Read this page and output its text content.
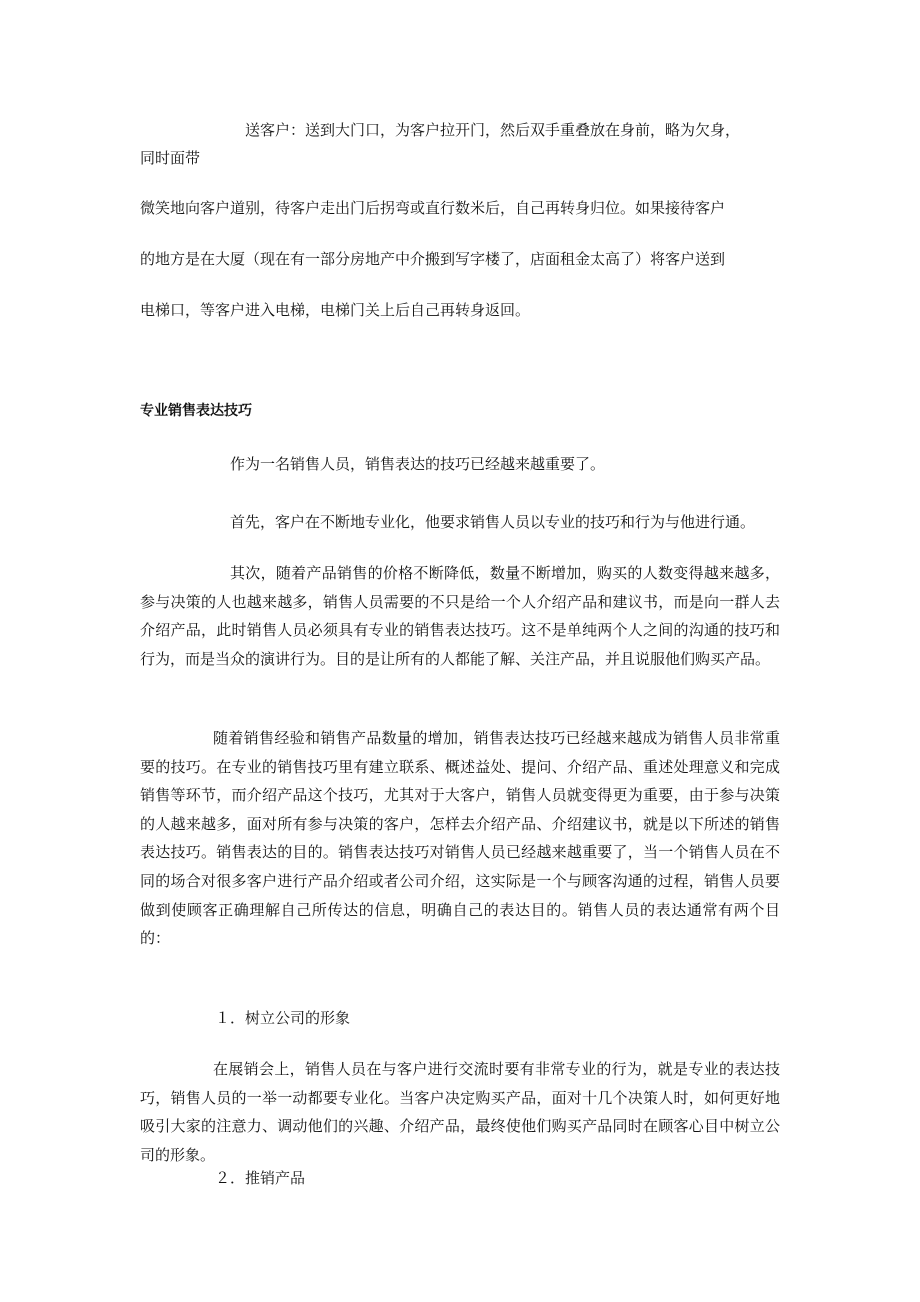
送客户：送到大门口，为客户拉开门，然后双手重叠放在身前，略为欠身，

同时面带

微笑地向客户道别，待客户走出门后拐弯或直行数米后，自己再转身归位。如果接待客户

的地方是在大厦（现在有一部分房地产中介搬到写字楼了，店面租金太高了）将客户送到

电梯口，等客户进入电梯，电梯门关上后自己再转身返回。

专业销售表达技巧

作为一名销售人员，销售表达的技巧已经越来越重要了。

首先，客户在不断地专业化，他要求销售人员以专业的技巧和行为与他进行通。

其次，随着产品销售的价格不断降低，数量不断增加，购买的人数变得越来越多，参与决策的人也越来越多，销售人员需要的不只是给一个人介绍产品和建议书，而是向一群人去介绍产品，此时销售人员必须具有专业的销售表达技巧。这不是单纯两个人之间的沟通的技巧和行为，而是当众的演讲行为。目的是让所有的人都能了解、关注产品，并且说服他们购买产品。

随着销售经验和销售产品数量的增加，销售表达技巧已经越来越成为销售人员非常重要的技巧。在专业的销售技巧里有建立联系、概述益处、提问、介绍产品、重述处理意义和完成销售等环节，而介绍产品这个技巧，尤其对于大客户，销售人员就变得更为重要，由于参与决策的人越来越多，面对所有参与决策的客户，怎样去介绍产品、介绍建议书，就是以下所述的销售表达技巧。销售表达的目的。销售表达技巧对销售人员已经越来越重要了，当一个销售人员在不同的场合对很多客户进行产品介绍或者公司介绍，这实际是一个与顾客沟通的过程，销售人员要做到使顾客正确理解自己所传达的信息，明确自己的表达目的。销售人员的表达通常有两个目的：

１．树立公司的形象

在展销会上，销售人员在与客户进行交流时要有非常专业的行为，就是专业的表达技巧，销售人员的一举一动都要专业化。当客户决定购买产品，面对十几个决策人时，如何更好地吸引大家的注意力、调动他们的兴趣、介绍产品，最终使他们购买产品同时在顾客心目中树立公司的形象。

２．推销产品
